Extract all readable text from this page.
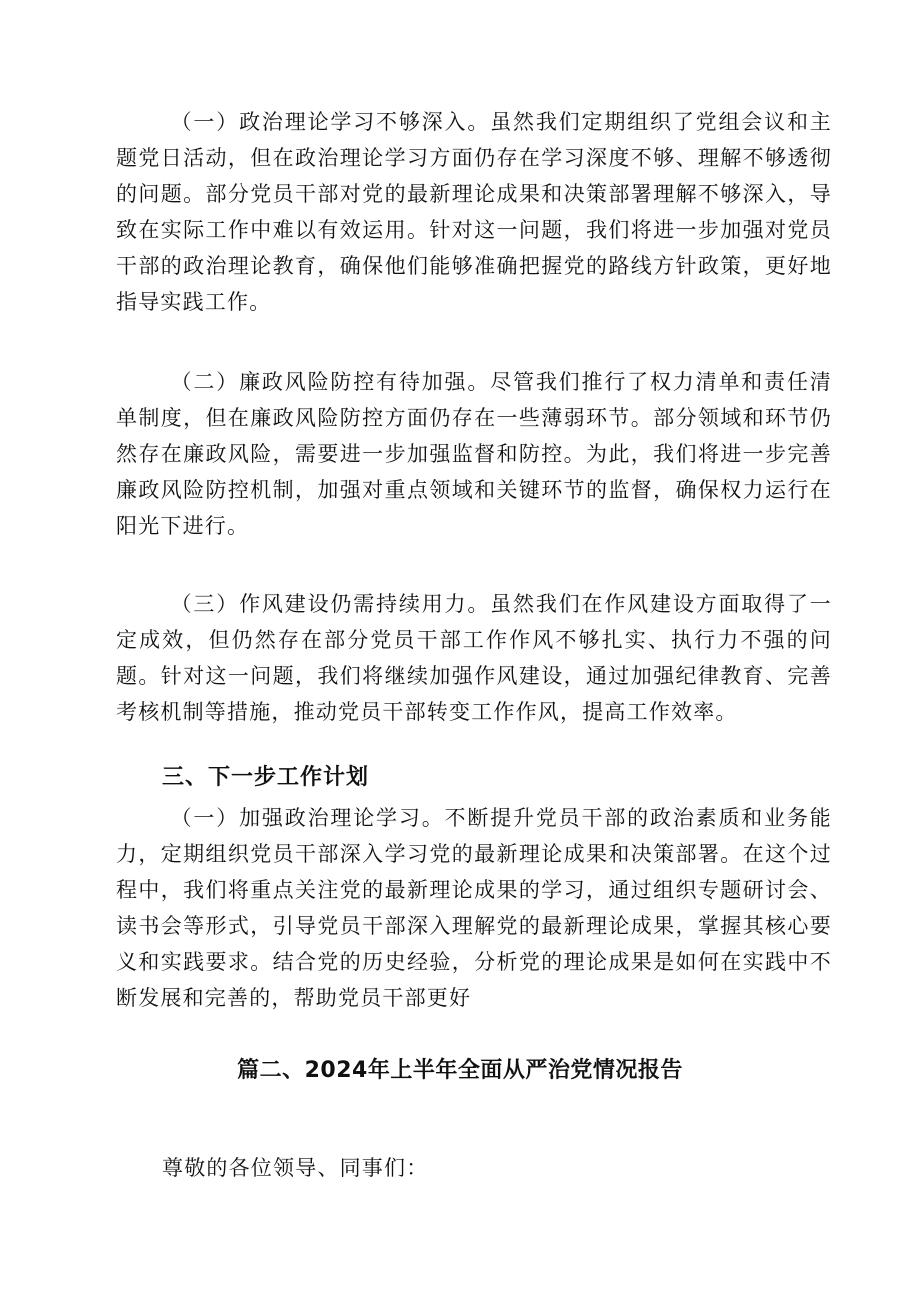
（一）政治理论学习不够深入。虽然我们定期组织了党组会议和主题党日活动，但在政治理论学习方面仍存在学习深度不够、理解不够透彻的问题。部分党员干部对党的最新理论成果和决策部署理解不够深入，导致在实际工作中难以有效运用。针对这一问题，我们将进一步加强对党员干部的政治理论教育，确保他们能够准确把握党的路线方针政策，更好地指导实践工作。

（二）廉政风险防控有待加强。尽管我们推行了权力清单和责任清单制度，但在廉政风险防控方面仍存在一些薄弱环节。部分领域和环节仍然存在廉政风险，需要进一步加强监督和防控。为此，我们将进一步完善廉政风险防控机制，加强对重点领域和关键环节的监督，确保权力运行在阳光下进行。

（三）作风建设仍需持续用力。虽然我们在作风建设方面取得了一定成效，但仍然存在部分党员干部工作作风不够扎实、执行力不强的问题。针对这一问题，我们将继续加强作风建设，通过加强纪律教育、完善考核机制等措施，推动党员干部转变工作作风，提高工作效率。

三、下一步工作计划

（一）加强政治理论学习。不断提升党员干部的政治素质和业务能力，定期组织党员干部深入学习党的最新理论成果和决策部署。在这个过程中，我们将重点关注党的最新理论成果的学习，通过组织专题研讨会、读书会等形式，引导党员干部深入理解党的最新理论成果，掌握其核心要义和实践要求。结合党的历史经验，分析党的理论成果是如何在实践中不断发展和完善的，帮助党员干部更好

篇二、2024年上半年全面从严治党情况报告

尊敬的各位领导、同事们：
